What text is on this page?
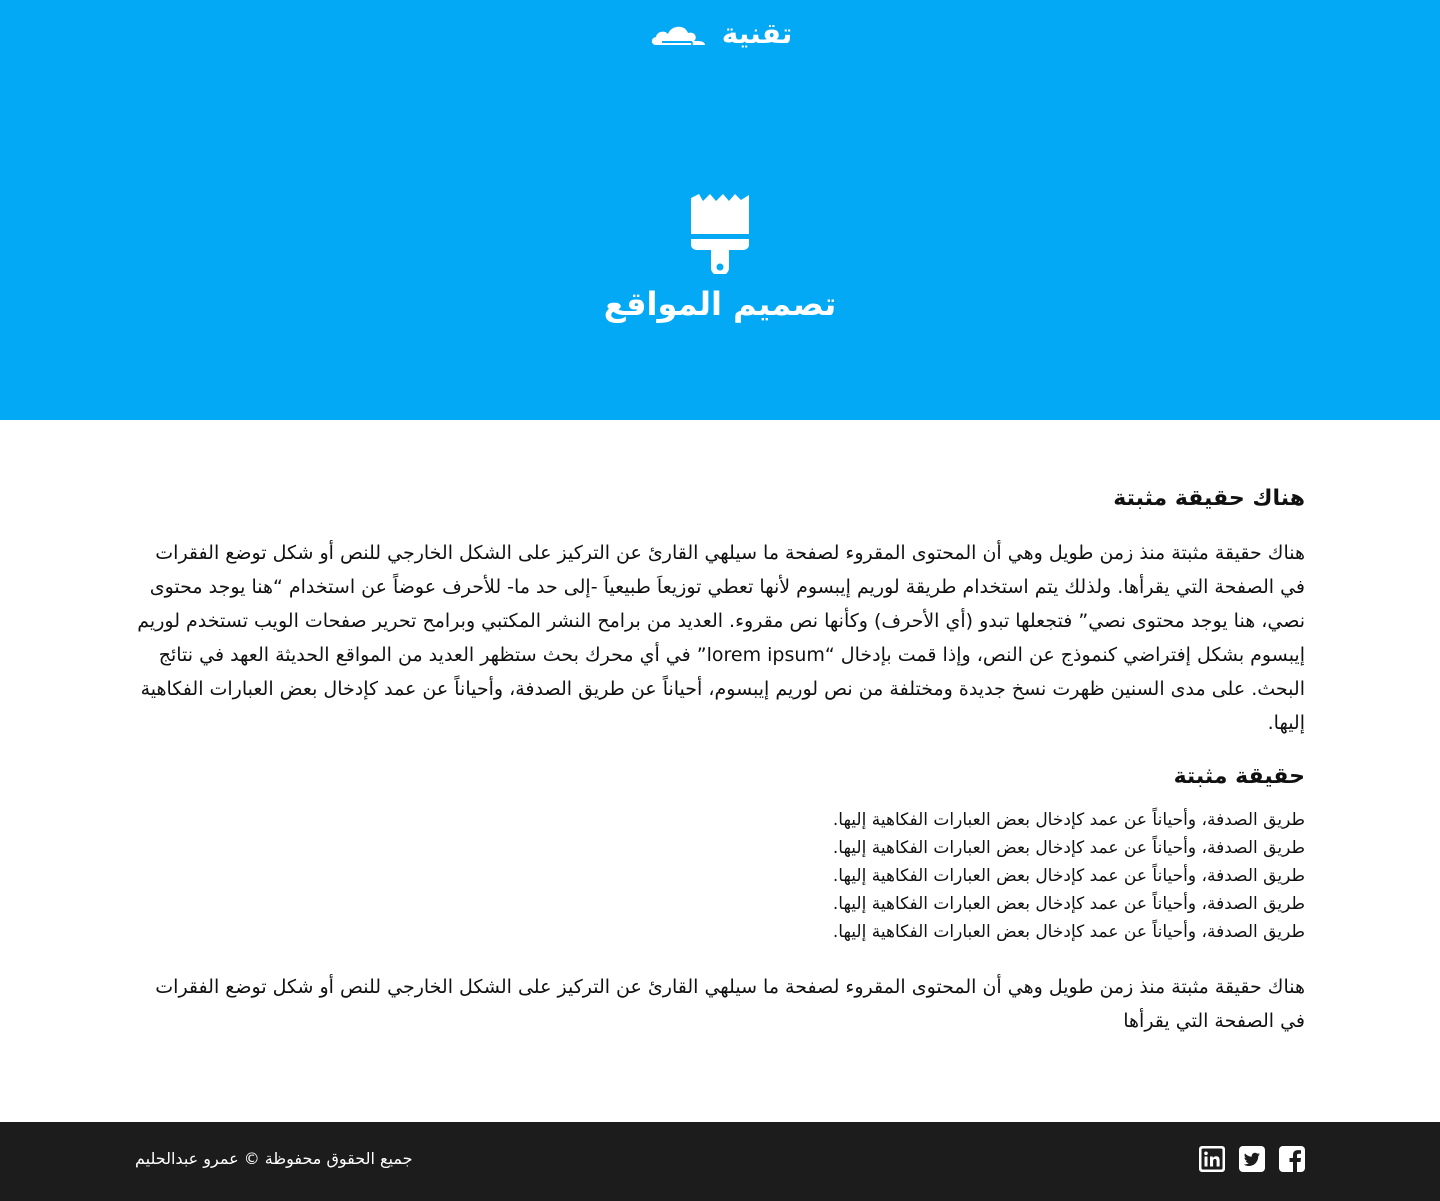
تقنية
تصميم المواقع
هناك حقيقة مثبتة

هناك حقيقة مثبتة منذ زمن طويل وهي أن المحتوى المقروء لصفحة ما سيلهي القارئ عن التركيز على الشكل الخارجي للنص أو شكل توضع الفقرات في الصفحة التي يقرأها. ولذلك يتم استخدام طريقة لوريم إيبسوم لأنها تعطي توزيعاَ طبيعياَ -إلى حد ما- للأحرف عوضاً عن استخدام “هنا يوجد محتوى نصي، هنا يوجد محتوى نصي” فتجعلها تبدو (أي الأحرف) وكأنها نص مقروء. العديد من برامح النشر المكتبي وبرامح تحرير صفحات الويب تستخدم لوريم إيبسوم بشكل إفتراضي كنموذج عن النص، وإذا قمت بإدخال “lorem ipsum” في أي محرك بحث ستظهر العديد من المواقع الحديثة العهد في نتائج البحث. على مدى السنين ظهرت نسخ جديدة ومختلفة من نص لوريم إيبسوم، أحياناً عن طريق الصدفة، وأحياناً عن عمد كإدخال بعض العبارات الفكاهية إليها.

حقيقة مثبتة
طريق الصدفة، وأحياناً عن عمد كإدخال بعض العبارات الفكاهية إليها.
طريق الصدفة، وأحياناً عن عمد كإدخال بعض العبارات الفكاهية إليها.
طريق الصدفة، وأحياناً عن عمد كإدخال بعض العبارات الفكاهية إليها.
طريق الصدفة، وأحياناً عن عمد كإدخال بعض العبارات الفكاهية إليها.
طريق الصدفة، وأحياناً عن عمد كإدخال بعض العبارات الفكاهية إليها.

هناك حقيقة مثبتة منذ زمن طويل وهي أن المحتوى المقروء لصفحة ما سيلهي القارئ عن التركيز على الشكل الخارجي للنص أو شكل توضع الفقرات في الصفحة التي يقرأها

جميع الحقوق محفوظة © عمرو عبدالحليم
